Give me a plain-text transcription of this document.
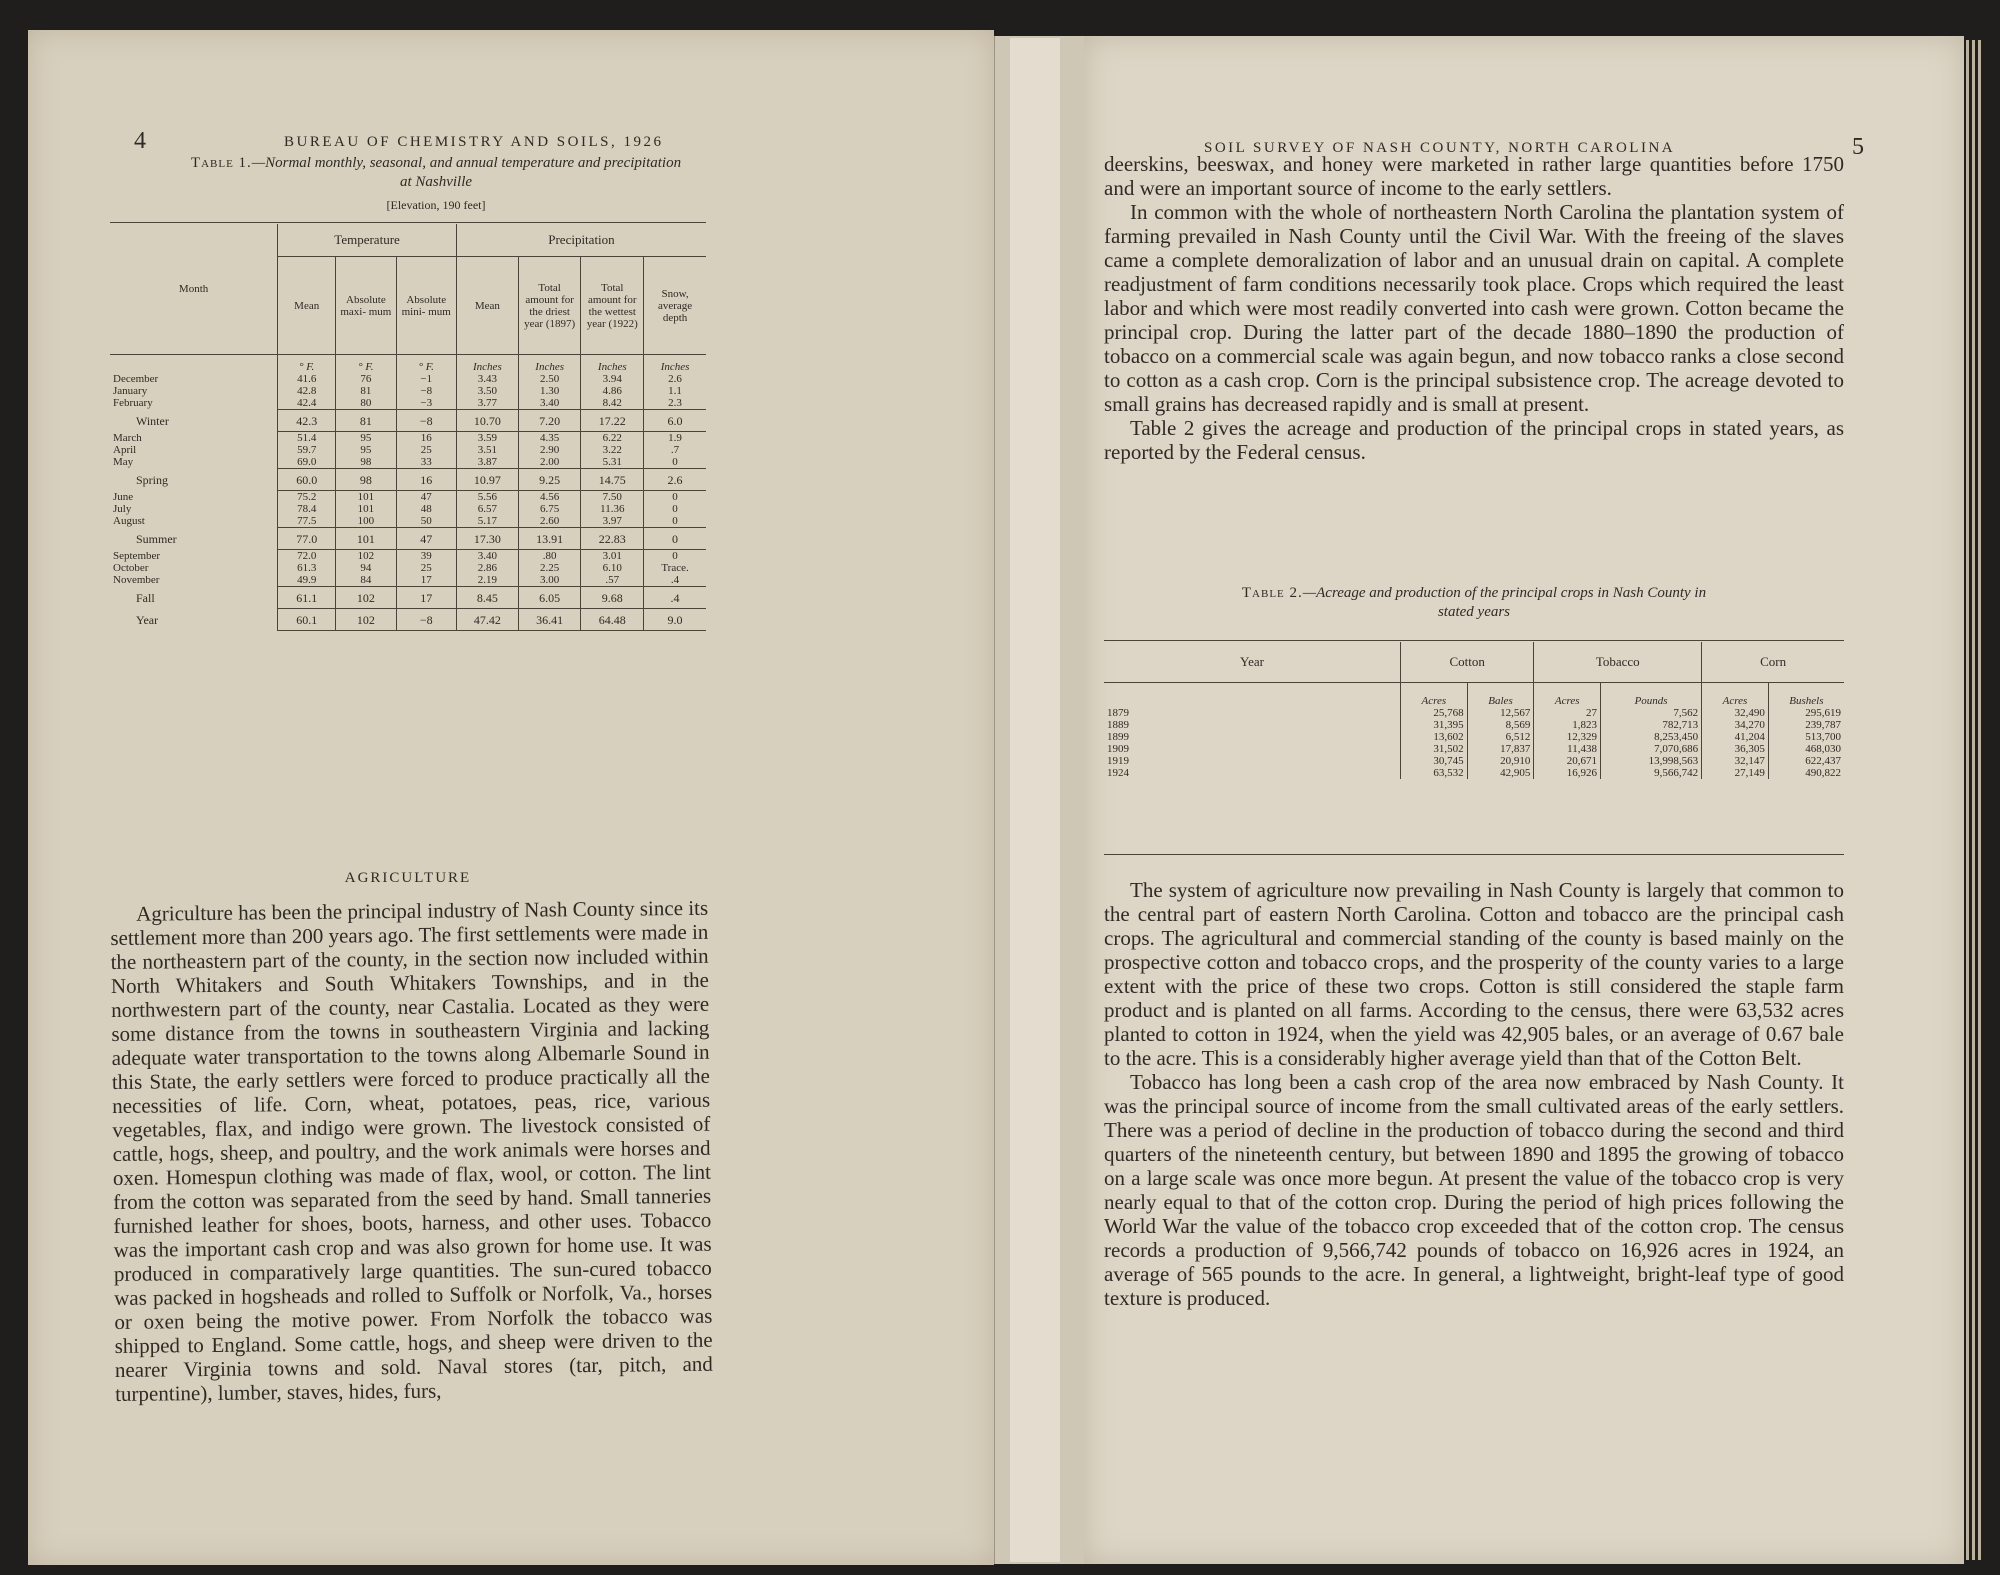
4	BUREAU OF CHEMISTRY AND SOILS, 1926
Table 1.—Normal monthly, seasonal, and annual temperature and precipitation
at Nashville
[Elevation, 190 feet]
Month	Temperature			Precipitation			
	Mean	Absolute maxi- mum	Absolute mini- mum	Mean	Total amount for the driest year (1897)	Total amount for the wettest year (1922)	Snow, average depth
	° F.	° F.	° F.	Inches	Inches	Inches	Inches
December	41.6	76	−1	3.43	2.50	3.94	2.6
January	42.8	81	−8	3.50	1.30	4.86	1.1
February	42.4	80	−3	3.77	3.40	8.42	2.3
Winter	42.3	81	−8	10.70	7.20	17.22	6.0
March	51.4	95	16	3.59	4.35	6.22	1.9
April	59.7	95	25	3.51	2.90	3.22	.7
May	69.0	98	33	3.87	2.00	5.31	0
Spring	60.0	98	16	10.97	9.25	14.75	2.6
June	75.2	101	47	5.56	4.56	7.50	0
July	78.4	101	48	6.57	6.75	11.36	0
August	77.5	100	50	5.17	2.60	3.97	0
Summer	77.0	101	47	17.30	13.91	22.83	0
September	72.0	102	39	3.40	.80	3.01	0
October	61.3	94	25	2.86	2.25	6.10	Trace.
November	49.9	84	17	2.19	3.00	.57	.4
Fall	61.1	102	17	8.45	6.05	9.68	.4
Year	60.1	102	−8	47.42	36.41	64.48	9.0
AGRICULTURE

Agriculture has been the principal industry of Nash County since its settlement more than 200 years ago. The first settlements were made in the northeastern part of the county, in the section now included within North Whitakers and South Whitakers Townships, and in the northwestern part of the county, near Castalia. Located as they were some distance from the towns in southeastern Virginia and lacking adequate water transportation to the towns along Albemarle Sound in this State, the early settlers were forced to produce practically all the necessities of life. Corn, wheat, potatoes, peas, rice, various vegetables, flax, and indigo were grown. The livestock consisted of cattle, hogs, sheep, and poultry, and the work animals were horses and oxen. Homespun clothing was made of flax, wool, or cotton. The lint from the cotton was separated from the seed by hand. Small tanneries furnished leather for shoes, boots, harness, and other uses. Tobacco was the important cash crop and was also grown for home use. It was produced in comparatively large quantities. The sun-cured tobacco was packed in hogsheads and rolled to Suffolk or Norfolk, Va., horses or oxen being the motive power. From Norfolk the tobacco was shipped to England. Some cattle, hogs, and sheep were driven to the nearer Virginia towns and sold. Naval stores (tar, pitch, and turpentine), lumber, staves, hides, furs,

SOIL SURVEY OF NASH COUNTY, NORTH CAROLINA	5

deerskins, beeswax, and honey were marketed in rather large quantities before 1750 and were an important source of income to the early settlers.

In common with the whole of northeastern North Carolina the plantation system of farming prevailed in Nash County until the Civil War. With the freeing of the slaves came a complete demoralization of labor and an unusual drain on capital. A complete readjustment of farm conditions necessarily took place. Crops which required the least labor and which were most readily converted into cash were grown. Cotton became the principal crop. During the latter part of the decade 1880–1890 the production of tobacco on a commercial scale was again begun, and now tobacco ranks a close second to cotton as a cash crop. Corn is the principal subsistence crop. The acreage devoted to small grains has decreased rapidly and is small at present.

Table 2 gives the acreage and production of the principal crops in stated years, as reported by the Federal census.

Table 2.—Acreage and production of the principal crops in Nash County in
stated years
Year	Cotton		Tobacco		Corn	
	Acres	Bales	Acres	Pounds	Acres	Bushels
1879	25,768	12,567	27	7,562	32,490	295,619
1889	31,395	8,569	1,823	782,713	34,270	239,787
1899	13,602	6,512	12,329	8,253,450	41,204	513,700
1909	31,502	17,837	11,438	7,070,686	36,305	468,030
1919	30,745	20,910	20,671	13,998,563	32,147	622,437
1924	63,532	42,905	16,926	9,566,742	27,149	490,822

The system of agriculture now prevailing in Nash County is largely that common to the central part of eastern North Carolina. Cotton and tobacco are the principal cash crops. The agricultural and commercial standing of the county is based mainly on the prospective cotton and tobacco crops, and the prosperity of the county varies to a large extent with the price of these two crops. Cotton is still considered the staple farm product and is planted on all farms. According to the census, there were 63,532 acres planted to cotton in 1924, when the yield was 42,905 bales, or an average of 0.67 bale to the acre. This is a considerably higher average yield than that of the Cotton Belt.

Tobacco has long been a cash crop of the area now embraced by Nash County. It was the principal source of income from the small cultivated areas of the early settlers. There was a period of decline in the production of tobacco during the second and third quarters of the nineteenth century, but between 1890 and 1895 the growing of tobacco on a large scale was once more begun. At present the value of the tobacco crop is very nearly equal to that of the cotton crop. During the period of high prices following the World War the value of the tobacco crop exceeded that of the cotton crop. The census records a production of 9,566,742 pounds of tobacco on 16,926 acres in 1924, an average of 565 pounds to the acre. In general, a lightweight, bright-leaf type of good texture is produced.
